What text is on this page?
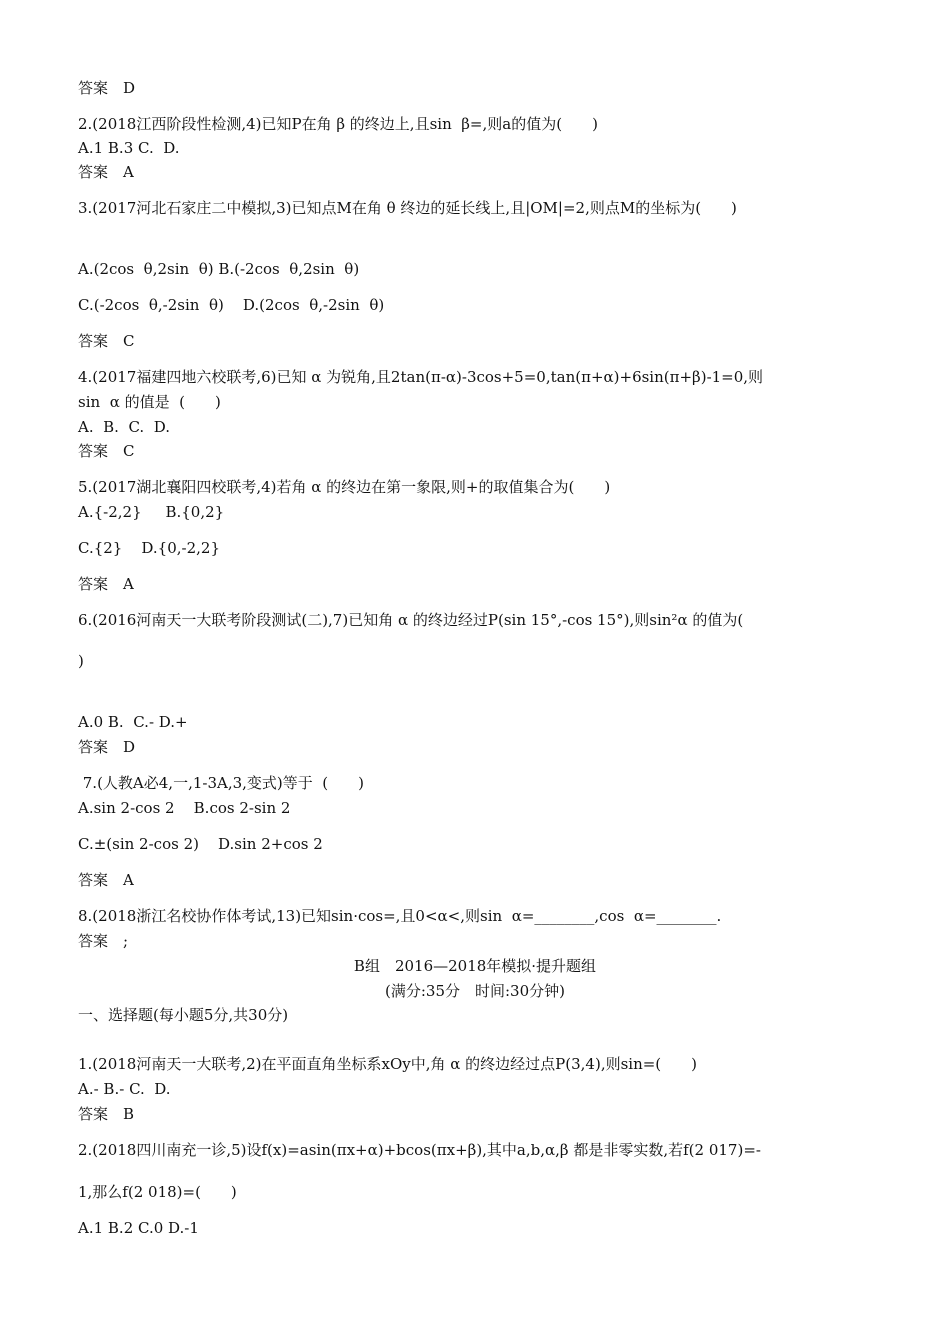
答案　D
2.(2018江西阶段性检测,4)已知P在角 β 的终边上,且sin  β=,则a的值为(　　)
A.1 B.3 C.  D.
答案　A
3.(2017河北石家庄二中模拟,3)已知点M在角 θ 终边的延长线上,且|OM|=2,则点M的坐标为(　　)
A.(2cos  θ,2sin  θ) B.(-2cos  θ,2sin  θ)
C.(-2cos  θ,-2sin  θ)    D.(2cos  θ,-2sin  θ)
答案　C
4.(2017福建四地六校联考,6)已知 α 为锐角,且2tan(π-α)-3cos+5=0,tan(π+α)+6sin(π+β)-1=0,则
sin  α 的值是  (　　)
A.  B.  C.  D.
答案　C
5.(2017湖北襄阳四校联考,4)若角 α 的终边在第一象限,则+的取值集合为(　　)
A.{-2,2}     B.{0,2}
C.{2}    D.{0,-2,2}
答案　A
6.(2016河南天一大联考阶段测试(二),7)已知角 α 的终边经过P(sin 15°,-cos 15°),则sin²α 的值为(
)
A.0 B.  C.- D.+
答案　D
7.(人教A必4,一,1-3A,3,变式)等于  (　　)
A.sin 2-cos 2    B.cos 2-sin 2
C.±(sin 2-cos 2)    D.sin 2+cos 2
答案　A
8.(2018浙江名校协作体考试,13)已知sin·cos=,且0<α<,则sin  α=________,cos  α=________.
答案　;
B组　2016—2018年模拟·提升题组
(满分:35分　时间:30分钟)
一、选择题(每小题5分,共30分)
1.(2018河南天一大联考,2)在平面直角坐标系xOy中,角 α 的终边经过点P(3,4),则sin=(　　)
A.- B.- C.  D.
答案　B
2.(2018四川南充一诊,5)设f(x)=asin(πx+α)+bcos(πx+β),其中a,b,α,β 都是非零实数,若f(2 017)=-
1,那么f(2 018)=(　　)
A.1 B.2 C.0 D.-1
